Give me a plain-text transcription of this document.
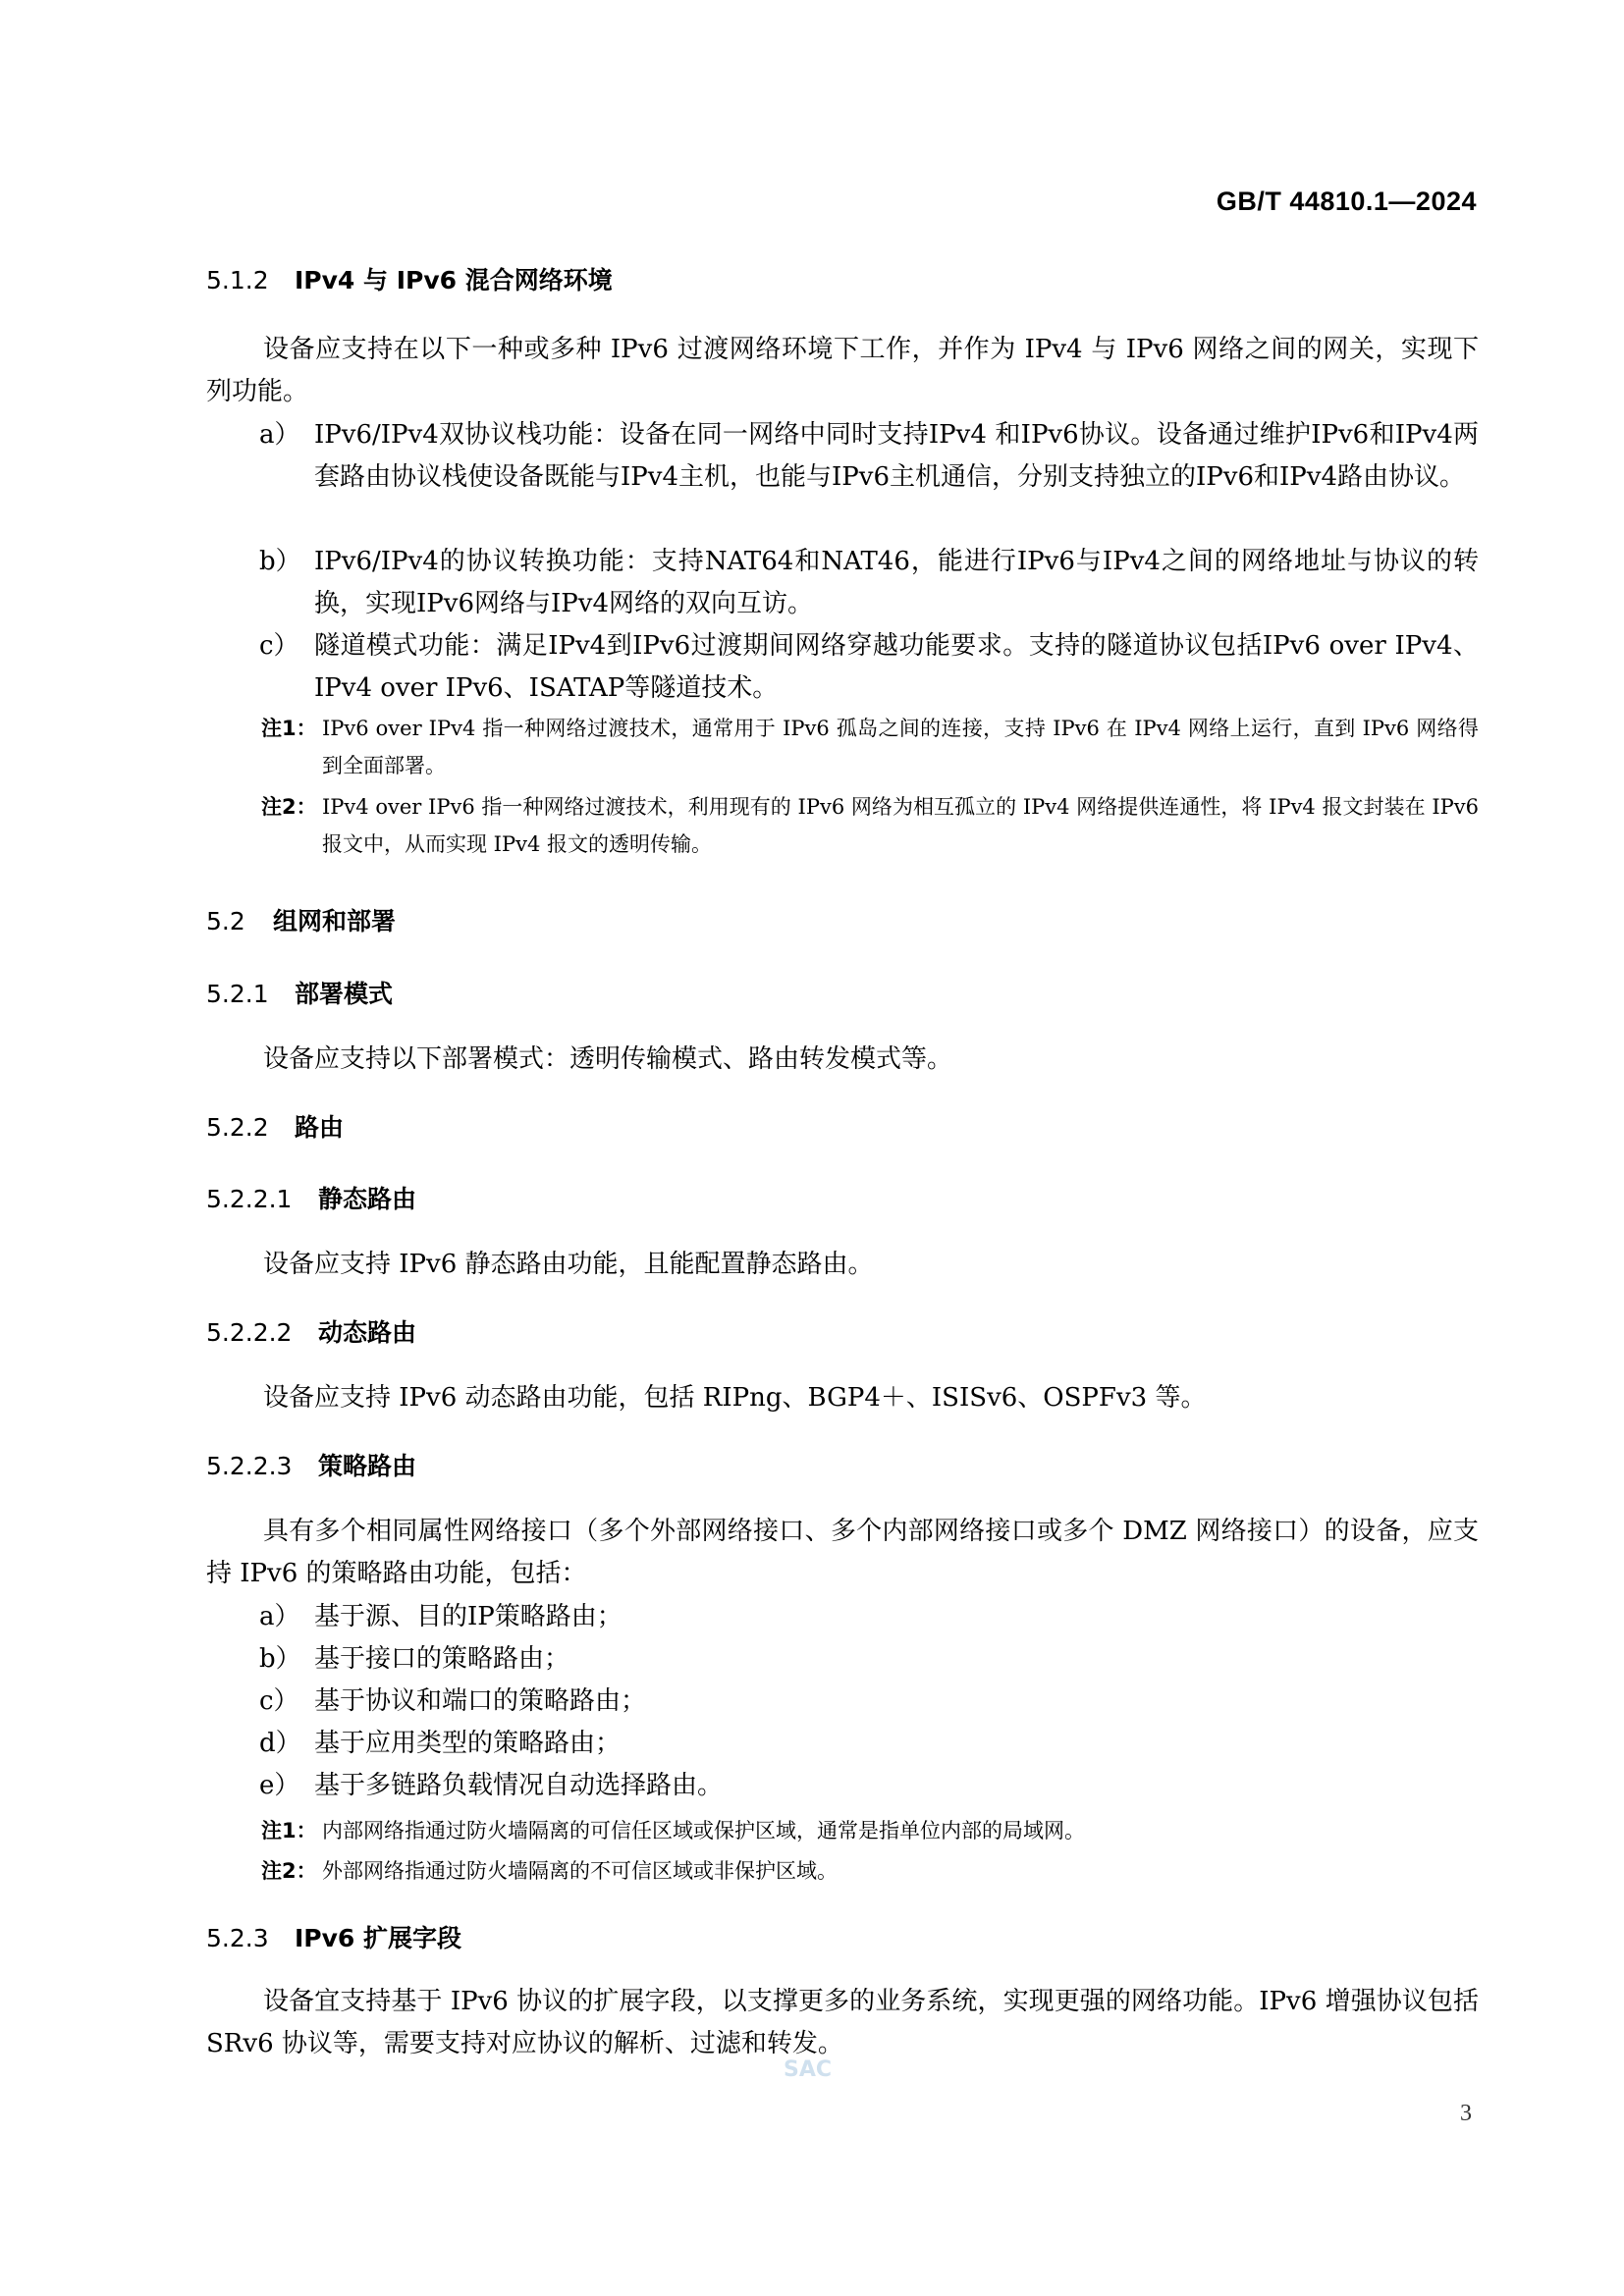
GB/T 44810.1—2024
5.1.2 IPv4 与 IPv6 混合网络环境
设备应支持在以下一种或多种 IPv6 过渡网络环境下工作，并作为 IPv4 与 IPv6 网络之间的网关，实现下列功能。
a） IPv6/IPv4双协议栈功能：设备在同一网络中同时支持IPv4 和IPv6协议。设备通过维护IPv6和IPv4两套路由协议栈使设备既能与IPv4主机，也能与IPv6主机通信，分别支持独立的IPv6和IPv4路由协议。
b） IPv6/IPv4的协议转换功能：支持NAT64和NAT46，能进行IPv6与IPv4之间的网络地址与协议的转换，实现IPv6网络与IPv4网络的双向互访。
c） 隧道模式功能：满足IPv4到IPv6过渡期间网络穿越功能要求。支持的隧道协议包括IPv6 over IPv4、IPv4 over IPv6、ISATAP等隧道技术。
注1： IPv6 over IPv4 指一种网络过渡技术，通常用于 IPv6 孤岛之间的连接，支持 IPv6 在 IPv4 网络上运行，直到 IPv6 网络得到全面部署。
注2： IPv4 over IPv6 指一种网络过渡技术，利用现有的 IPv6 网络为相互孤立的 IPv4 网络提供连通性，将 IPv4 报文封装在 IPv6 报文中，从而实现 IPv4 报文的透明传输。
5.2 组网和部署
5.2.1 部署模式
设备应支持以下部署模式：透明传输模式、路由转发模式等。
5.2.2 路由
5.2.2.1 静态路由
设备应支持 IPv6 静态路由功能，且能配置静态路由。
5.2.2.2 动态路由
设备应支持 IPv6 动态路由功能，包括 RIPng、BGP4＋、ISISv6、OSPFv3 等。
5.2.2.3 策略路由
具有多个相同属性网络接口（多个外部网络接口、多个内部网络接口或多个 DMZ 网络接口）的设备，应支持 IPv6 的策略路由功能，包括：
a） 基于源、目的IP策略路由；
b） 基于接口的策略路由；
c） 基于协议和端口的策略路由；
d） 基于应用类型的策略路由；
e） 基于多链路负载情况自动选择路由。
注1： 内部网络指通过防火墙隔离的可信任区域或保护区域，通常是指单位内部的局域网。
注2： 外部网络指通过防火墙隔离的不可信区域或非保护区域。
5.2.3 IPv6 扩展字段
设备宜支持基于 IPv6 协议的扩展字段，以支撑更多的业务系统，实现更强的网络功能。IPv6 增强协议包括 SRv6 协议等，需要支持对应协议的解析、过滤和转发。
SAC
3
